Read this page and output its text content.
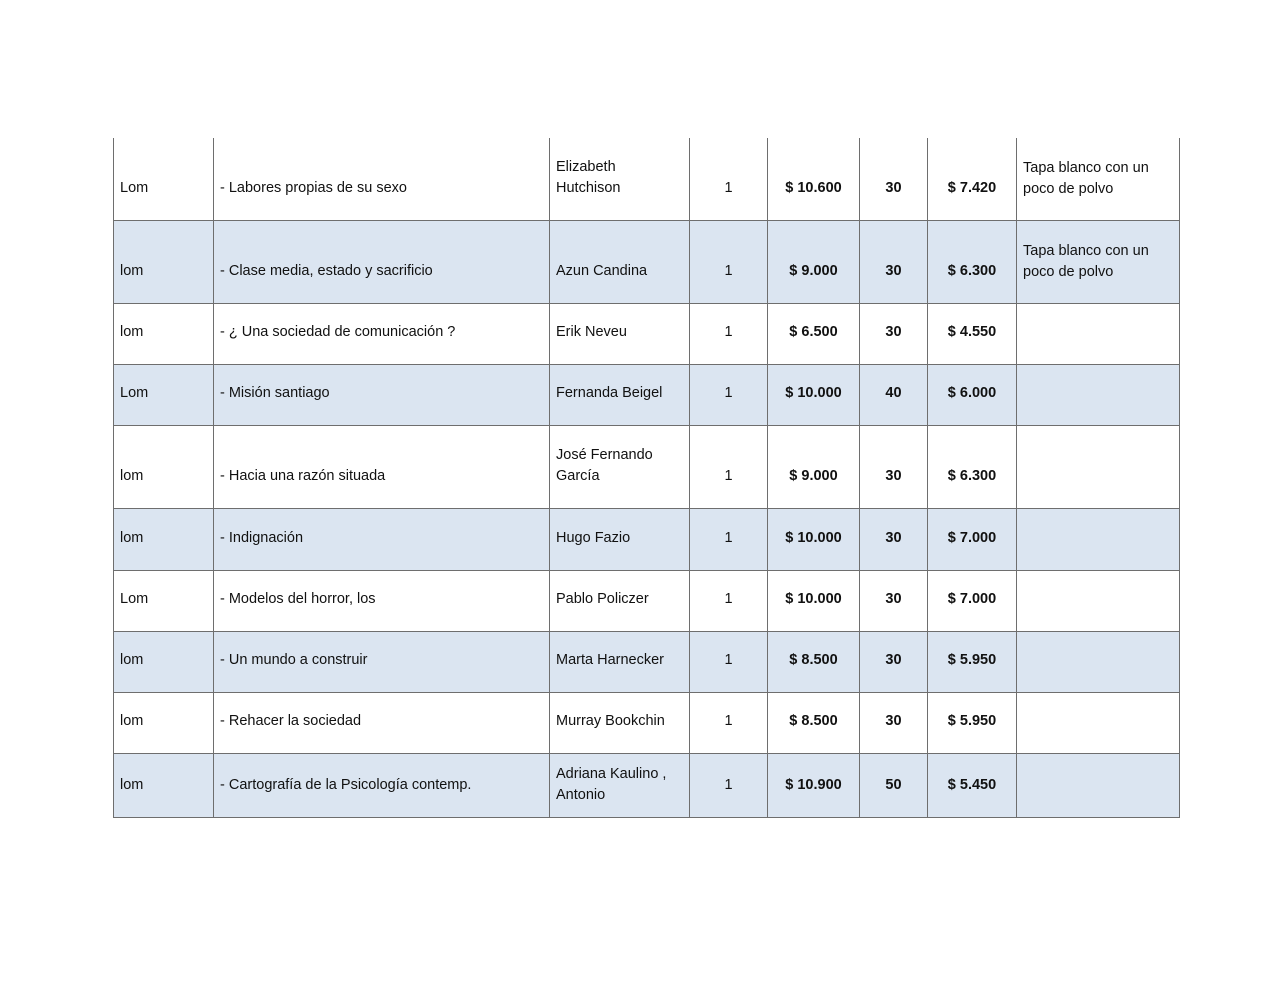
Lom	- Labores propias de su sexo	Elizabeth Hutchison	1	$ 10.600	30	$ 7.420	Tapa blanco con un poco de polvo
lom	- Clase media, estado y sacrificio	Azun Candina	1	$ 9.000	30	$ 6.300	Tapa blanco con un poco de polvo
lom	- ¿ Una sociedad de comunicación ?	Erik Neveu	1	$ 6.500	30	$ 4.550	
Lom	- Misión santiago	Fernanda Beigel	1	$ 10.000	40	$ 6.000	
lom	- Hacia una razón situada	José Fernando García	1	$ 9.000	30	$ 6.300	
lom	- Indignación	Hugo Fazio	1	$ 10.000	30	$ 7.000	
Lom	- Modelos del horror, los	Pablo Policzer	1	$ 10.000	30	$ 7.000	
lom	- Un mundo a construir	Marta Harnecker	1	$ 8.500	30	$ 5.950	
lom	- Rehacer la sociedad	Murray Bookchin	1	$ 8.500	30	$ 5.950	
lom	- Cartografía de la Psicología contemp.	Adriana Kaulino , Antonio	1	$ 10.900	50	$ 5.450	
